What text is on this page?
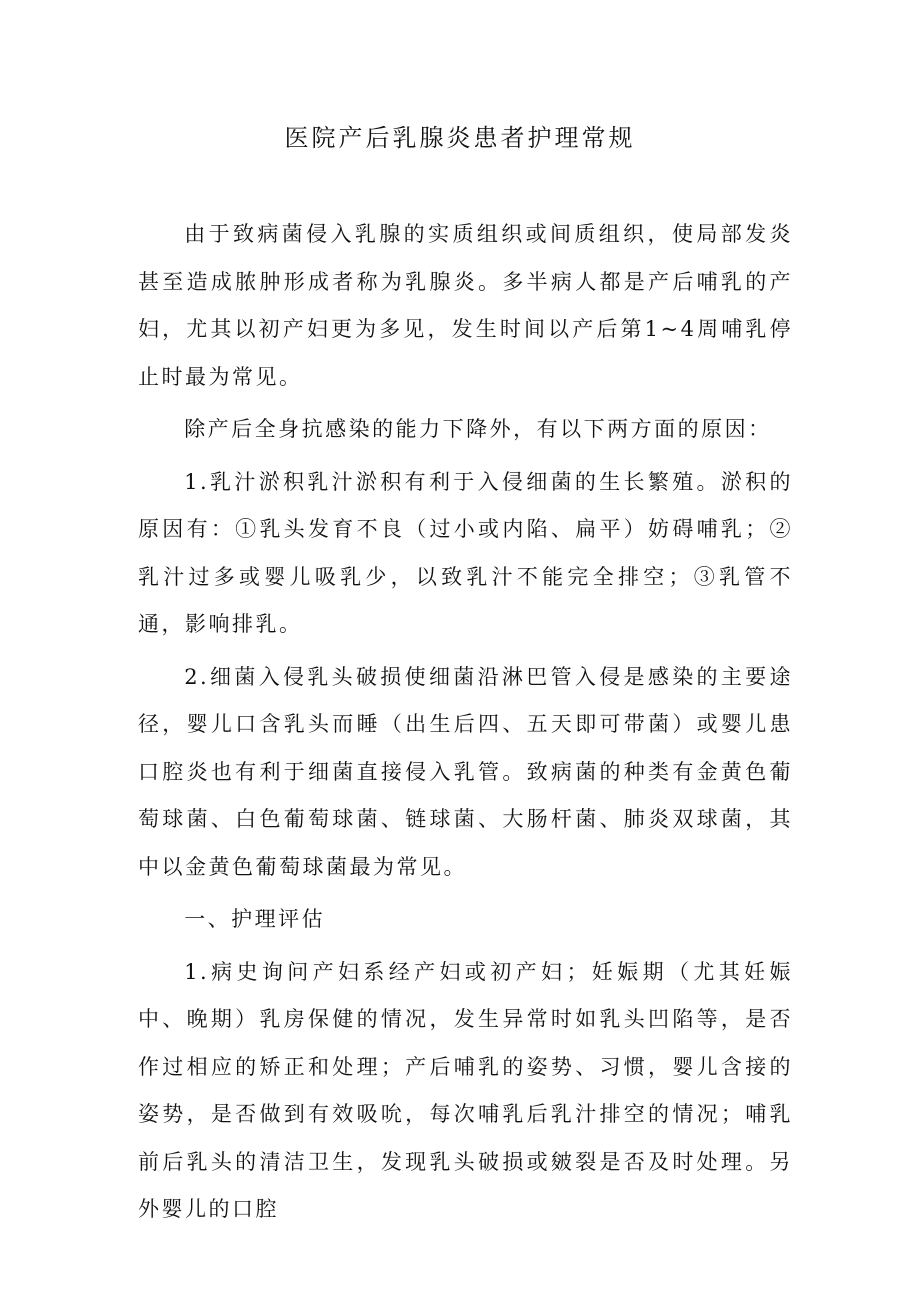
医院产后乳腺炎患者护理常规

由于致病菌侵入乳腺的实质组织或间质组织，使局部发炎甚至造成脓肿形成者称为乳腺炎。多半病人都是产后哺乳的产妇，尤其以初产妇更为多见，发生时间以产后第1~4周哺乳停止时最为常见。

除产后全身抗感染的能力下降外，有以下两方面的原因：

1.乳汁淤积乳汁淤积有利于入侵细菌的生长繁殖。淤积的原因有：①乳头发育不良（过小或内陷、扁平）妨碍哺乳；②乳汁过多或婴儿吸乳少，以致乳汁不能完全排空；③乳管不通，影响排乳。

2.细菌入侵乳头破损使细菌沿淋巴管入侵是感染的主要途径，婴儿口含乳头而睡（出生后四、五天即可带菌）或婴儿患口腔炎也有利于细菌直接侵入乳管。致病菌的种类有金黄色葡萄球菌、白色葡萄球菌、链球菌、大肠杆菌、肺炎双球菌，其中以金黄色葡萄球菌最为常见。

一、护理评估

1.病史询问产妇系经产妇或初产妇；妊娠期（尤其妊娠中、晚期）乳房保健的情况，发生异常时如乳头凹陷等，是否作过相应的矫正和处理；产后哺乳的姿势、习惯，婴儿含接的姿势，是否做到有效吸吮，每次哺乳后乳汁排空的情况；哺乳前后乳头的清洁卫生，发现乳头破损或皴裂是否及时处理。另外婴儿的口腔
